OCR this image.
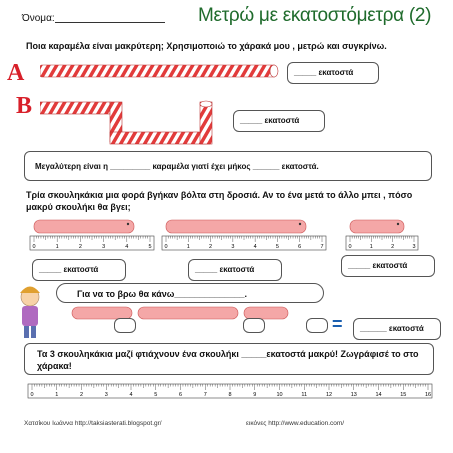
Όνομα:	Μετρώ με εκατοστόμετρα (2)
Ποια καραμέλα είναι μακρύτερη; Χρησιμοποιώ το χάρακά μου , μετρώ και συγκρίνω.
A	_____ εκατοστά
B
_____ εκατοστά
Μεγαλύτερη είναι η _________ καραμέλα γιατί έχει μήκος ______ εκατοστά.
Τρία σκουληκάκια μια φορά βγήκαν βόλτα στη δροσιά. Αν το ένα μετά το άλλο μπει , πόσο μακρύ σκουλήκι θα βγει;
0	1	2	3	4	5 0	1	2	3	4	5	6	7	0	1	2	3
0	1	2	3	4	5	6	7	8	9	10	11	12	13	14	15	16
_____ εκατοστά	_____ εκατοστά	_____ εκατοστά
Για να το βρω θα κάνω______________.
=	______ εκατοστά
Τα 3 σκουληκάκια μαζί φτιάχνουν ένα σκουλήκι _____εκατοστά μακρύ! Ζωγράφισέ το στο χάρακα!
Χατσίκου Ιωάννα http://taksiasterati.blogspot.gr/	εικόνες http://www.education.com/
